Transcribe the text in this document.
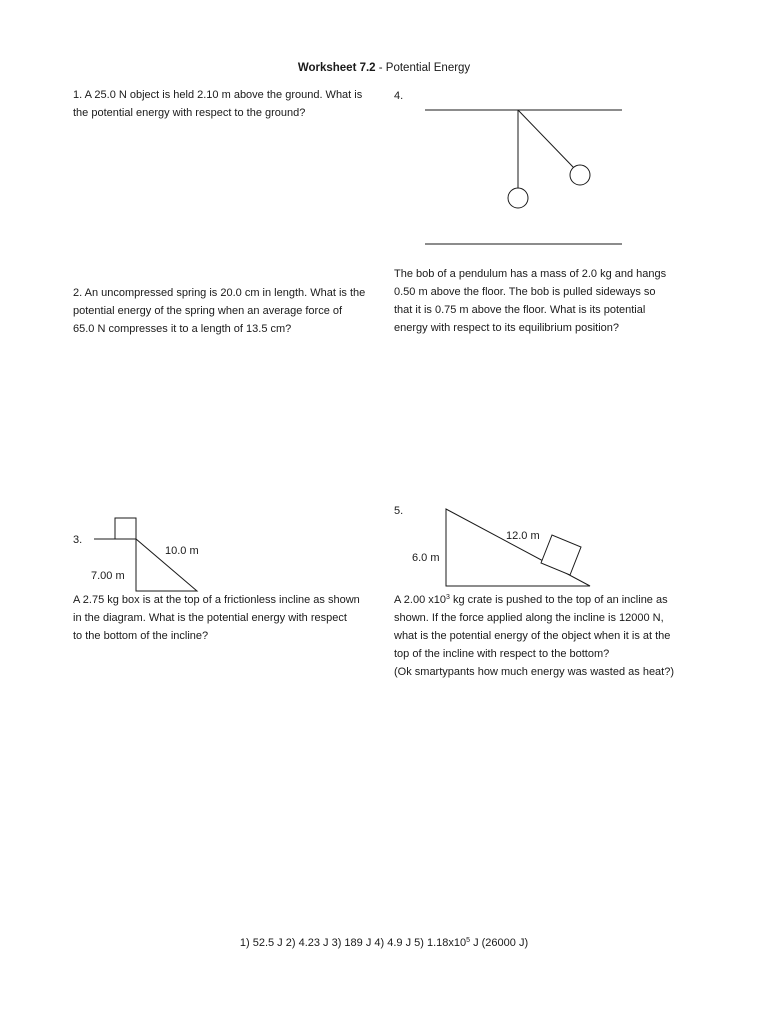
Worksheet 7.2 - Potential Energy
1. A 25.0 N object is held 2.10 m above the ground. What is
the potential energy with respect to the ground?
4.
The bob of a pendulum has a mass of 2.0 kg and hangs
0.50 m above the floor. The bob is pulled sideways so
that it is 0.75 m above the floor. What is its potential
energy with respect to its equilibrium position?
2. An uncompressed spring is 20.0 cm in length. What is the
potential energy of the spring when an average force of
65.0 N compresses it to a length of 13.5 cm?
3.
10.0 m
7.00 m
A 2.75 kg box is at the top of a frictionless incline as shown
in the diagram. What is the potential energy with respect
to the bottom of the incline?
5.
12.0 m
6.0 m
A 2.00 $x10^3$ kg crate is pushed to the top of an incline as
shown. If the force applied along the incline is 12000 N,
what is the potential energy of the object when it is at the
top of the incline with respect to the bottom?
(Ok smartypants how much energy was wasted as heat?)
1) 52.5 J 2) 4.23 J 3) 189 J 4) 4.9 J 5) $1.18x10^5$ J (26000 J)
